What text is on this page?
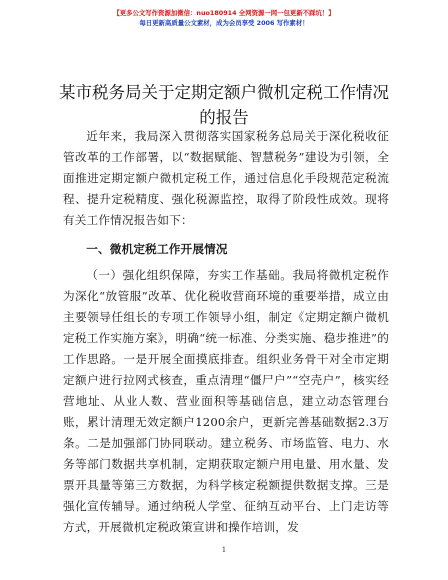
【更多公文写作资源加微信：nuo180914 全网资源一网一包更新不踩坑！】
每日更新高质量公文素材，成为会员享受 2006 写作素材！
某市税务局关于定期定额户微机定税工作情况
的报告

近年来，我局深入贯彻落实国家税务总局关于深化税收征管改革的工作部署，以“数据赋能、智慧税务”建设为引领，全面推进定期定额户微机定税工作，通过信息化手段规范定税流程、提升定税精度、强化税源监控，取得了阶段性成效。现将有关工作情况报告如下：

一、微机定税工作开展情况

（一）强化组织保障，夯实工作基础。我局将微机定税作为深化“放管服”改革、优化税收营商环境的重要举措，成立由主要领导任组长的专项工作领导小组，制定《定期定额户微机定税工作实施方案》，明确“统一标准、分类实施、稳步推进”的工作思路。一是开展全面摸底排查。组织业务骨干对全市定期定额户进行拉网式核查，重点清理“僵尸户”“空壳户”，核实经营地址、从业人数、营业面积等基础信息，建立动态管理台账，累计清理无效定额户1200余户，更新完善基础数据2.3万条。二是加强部门协同联动。建立税务、市场监管、电力、水务等部门数据共享机制，定期获取定额户用电量、用水量、发票开具量等第三方数据，为科学核定税额提供数据支撑。三是强化宣传辅导。通过纳税人学堂、征纳互动平台、上门走访等方式，开展微机定税政策宣讲和操作培训，发

1
